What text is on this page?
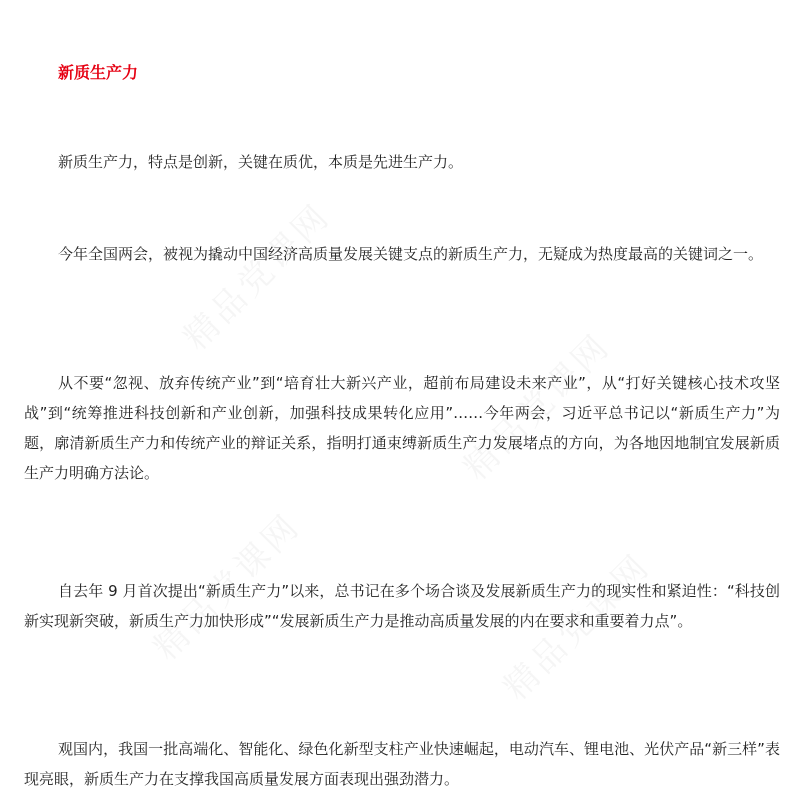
精品党课网
精品党课网
精品党课网
精品党课网
新质生产力

新质生产力，特点是创新，关键在质优，本质是先进生产力。

今年全国两会，被视为撬动中国经济高质量发展关键支点的新质生产力，无疑成为热度最高的关键词之一。

从不要“忽视、放弃传统产业”到“培育壮大新兴产业，超前布局建设未来产业”，从“打好关键核心技术攻坚战”到“统筹推进科技创新和产业创新，加强科技成果转化应用”……今年两会，习近平总书记以“新质生产力”为题，廓清新质生产力和传统产业的辩证关系，指明打通束缚新质生产力发展堵点的方向，为各地因地制宜发展新质生产力明确方法论。

自去年 9 月首次提出“新质生产力”以来，总书记在多个场合谈及发展新质生产力的现实性和紧迫性：“科技创新实现新突破，新质生产力加快形成”“发展新质生产力是推动高质量发展的内在要求和重要着力点”。

观国内，我国一批高端化、智能化、绿色化新型支柱产业快速崛起，电动汽车、锂电池、光伏产品“新三样”表现亮眼，新质生产力在支撑我国高质量发展方面表现出强劲潜力。
